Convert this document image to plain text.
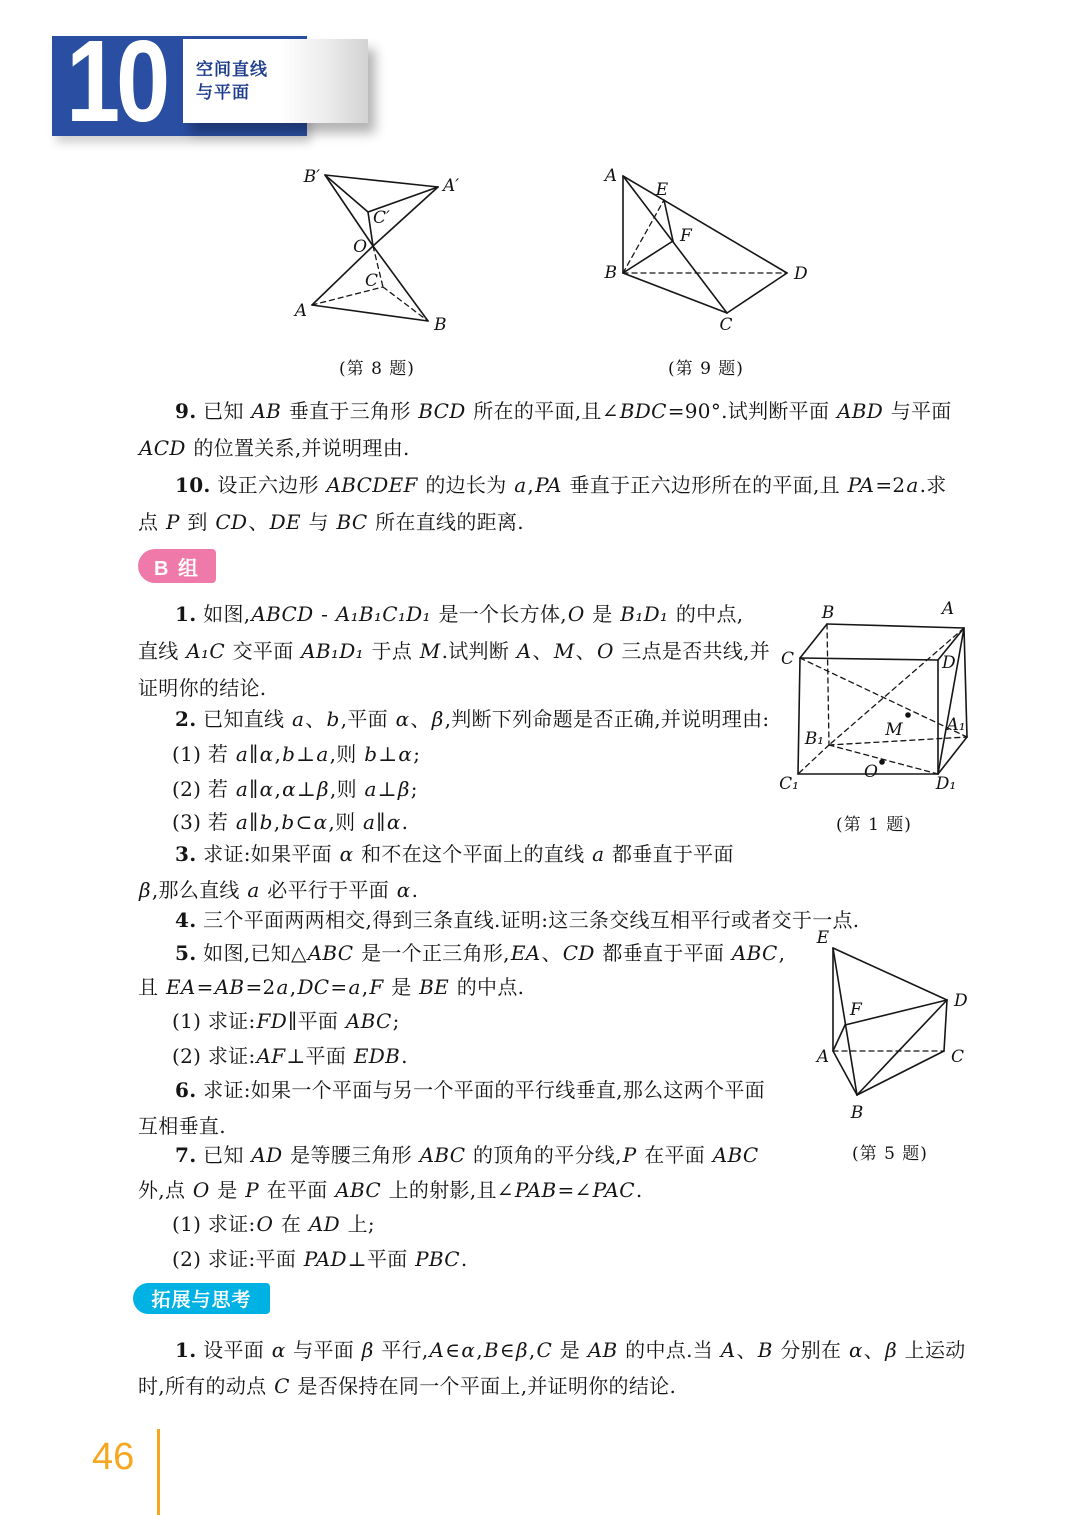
10 空间直线
与平面
B′	A′
C′
O
C
A
B
(第 8 题)
A
E
F
B	D
C
(第 9 题)
B	A
C	D
B₁
A₁
C₁	D₁
M
O
(第 1 题)
E
F	D
A	C
B
(第 5 题)
B 组
拓展与思考
9. 已知 AB 垂直于三角形 BCD 所在的平面,且∠BDC=90°.试判断平面 ABD 与平面
ACD 的位置关系,并说明理由.
10. 设正六边形 ABCDEF 的边长为 a,PA 垂直于正六边形所在的平面,且 PA=2a.求
点 P 到 CD、DE 与 BC 所在直线的距离.
1. 如图,ABCD - A₁B₁C₁D₁ 是一个长方体,O 是 B₁D₁ 的中点,
直线 A₁C 交平面 AB₁D₁ 于点 M.试判断 A、M、O 三点是否共线,并
证明你的结论.
2. 已知直线 a、b,平面 α、β,判断下列命题是否正确,并说明理由:
(1) 若 a∥α,b⊥a,则 b⊥α;
(2) 若 a∥α,α⊥β,则 a⊥β;
(3) 若 a∥b,b⊂α,则 a∥α.
3. 求证:如果平面 α 和不在这个平面上的直线 a 都垂直于平面
β,那么直线 a 必平行于平面 α.
4. 三个平面两两相交,得到三条直线.证明:这三条交线互相平行或者交于一点.
5. 如图,已知△ABC 是一个正三角形,EA、CD 都垂直于平面 ABC,
且 EA=AB=2a,DC=a,F 是 BE 的中点.
(1) 求证:FD∥平面 ABC;
(2) 求证:AF⊥平面 EDB.
6. 求证:如果一个平面与另一个平面的平行线垂直,那么这两个平面
互相垂直.
7. 已知 AD 是等腰三角形 ABC 的顶角的平分线,P 在平面 ABC
外,点 O 是 P 在平面 ABC 上的射影,且∠PAB=∠PAC.
(1) 求证:O 在 AD 上;
(2) 求证:平面 PAD⊥平面 PBC.
1. 设平面 α 与平面 β 平行,A∈α,B∈β,C 是 AB 的中点.当 A、B 分别在 α、β 上运动
时,所有的动点 C 是否保持在同一个平面上,并证明你的结论.
46
